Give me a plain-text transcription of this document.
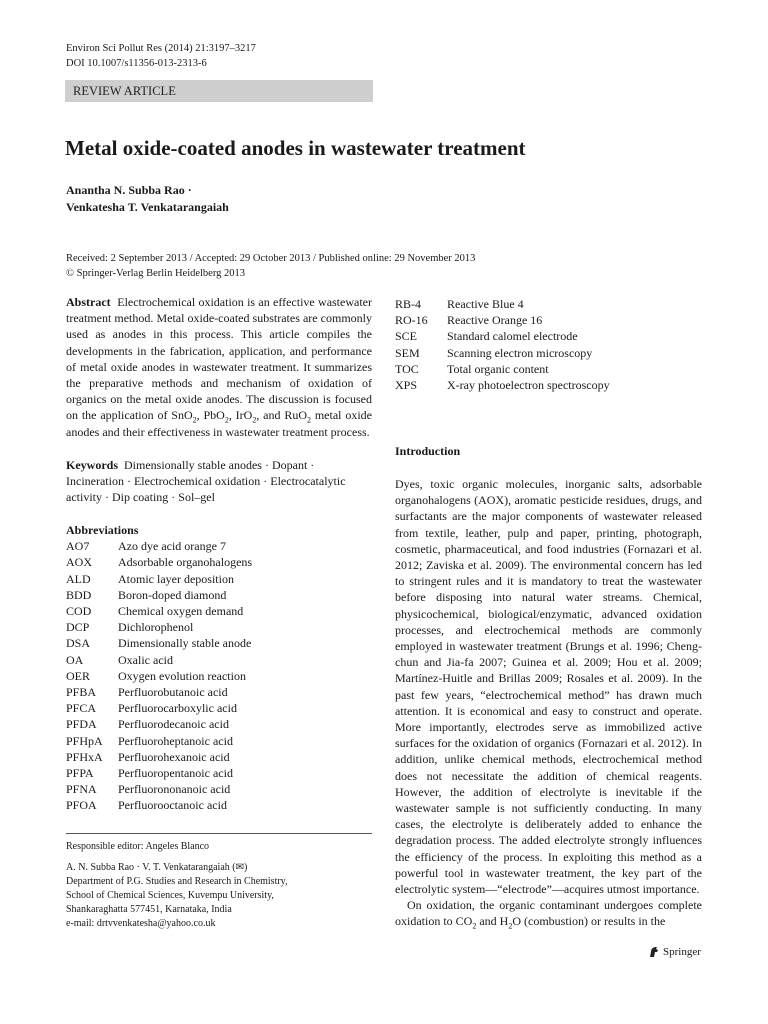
Environ Sci Pollut Res (2014) 21:3197–3217
DOI 10.1007/s11356-013-2313-6
REVIEW ARTICLE
Metal oxide-coated anodes in wastewater treatment
Anantha N. Subba Rao ·
Venkatesha T. Venkatarangaiah
Received: 2 September 2013 / Accepted: 29 October 2013 / Published online: 29 November 2013
© Springer-Verlag Berlin Heidelberg 2013
Abstract Electrochemical oxidation is an effective wastewater treatment method. Metal oxide-coated substrates are commonly used as anodes in this process. This article compiles the developments in the fabrication, application, and performance of metal oxide anodes in wastewater treatment. It summarizes the preparative methods and mechanism of oxidation of organics on the metal oxide anodes. The discussion is focused on the application of SnO$_2$, PbO$_2$, IrO$_2$, and RuO$_2$ metal oxide anodes and their effectiveness in wastewater treatment process.
Keywords Dimensionally stable anodes · Dopant · Incineration · Electrochemical oxidation · Electrocatalytic activity · Dip coating · Sol–gel
Abbreviations
AO7	Azo dye acid orange 7
AOX	Adsorbable organohalogens
ALD	Atomic layer deposition
BDD	Boron-doped diamond
COD	Chemical oxygen demand
DCP	Dichlorophenol
DSA	Dimensionally stable anode
OA	Oxalic acid
OER	Oxygen evolution reaction
PFBA	Perfluorobutanoic acid
PFCA	Perfluorocarboxylic acid
PFDA	Perfluorodecanoic acid
PFHpA	Perfluoroheptanoic acid
PFHxA	Perfluorohexanoic acid
PFPA	Perfluoropentanoic acid
PFNA	Perfluorononanoic acid
PFOA	Perfluorooctanoic acid
Responsible editor: Angeles Blanco
A. N. Subba Rao · V. T. Venkatarangaiah (✉)
Department of P.G. Studies and Research in Chemistry,
School of Chemical Sciences, Kuvempu University,
Shankaraghatta 577451, Karnataka, India
e-mail: drtvvenkatesha@yahoo.co.uk
RB-4	Reactive Blue 4
RO-16	Reactive Orange 16
SCE	Standard calomel electrode
SEM	Scanning electron microscopy
TOC	Total organic content
XPS	X-ray photoelectron spectroscopy
Introduction
Dyes, toxic organic molecules, inorganic salts, adsorbable organohalogens (AOX), aromatic pesticide residues, drugs, and surfactants are the major components of wastewater released from textile, leather, pulp and paper, printing, photograph, cosmetic, pharmaceutical, and food industries (Fornazari et al. 2012; Zaviska et al. 2009). The environmental concern has led to stringent rules and it is mandatory to treat the wastewater before disposing into natural water streams. Chemical, physicochemical, biological/enzymatic, advanced oxidation processes, and electrochemical methods are commonly employed in wastewater treatment (Brungs et al. 1996; Cheng-chun and Jia-fa 2007; Guinea et al. 2009; Hou et al. 2009; Martínez-Huitle and Brillas 2009; Rosales et al. 2009). In the past few years, “electrochemical method” has drawn much attention. It is economical and easy to construct and operate. More importantly, electrodes serve as immobilized active surfaces for the oxidation of organics (Fornazari et al. 2012). In addition, unlike chemical methods, electrochemical method does not necessitate the addition of chemical reagents. However, the addition of electrolyte is inevitable if the wastewater sample is not sufficiently conducting. In many cases, the electrolyte is deliberately added to enhance the degradation process. The added electrolyte strongly influences the efficiency of the process. In exploiting this method as a powerful tool in wastewater treatment, the key part of the electrolytic system—“electrode”—acquires utmost importance.
On oxidation, the organic contaminant undergoes complete oxidation to $CO_2$ and $H_2O$ (combustion) or results in the
Springer
